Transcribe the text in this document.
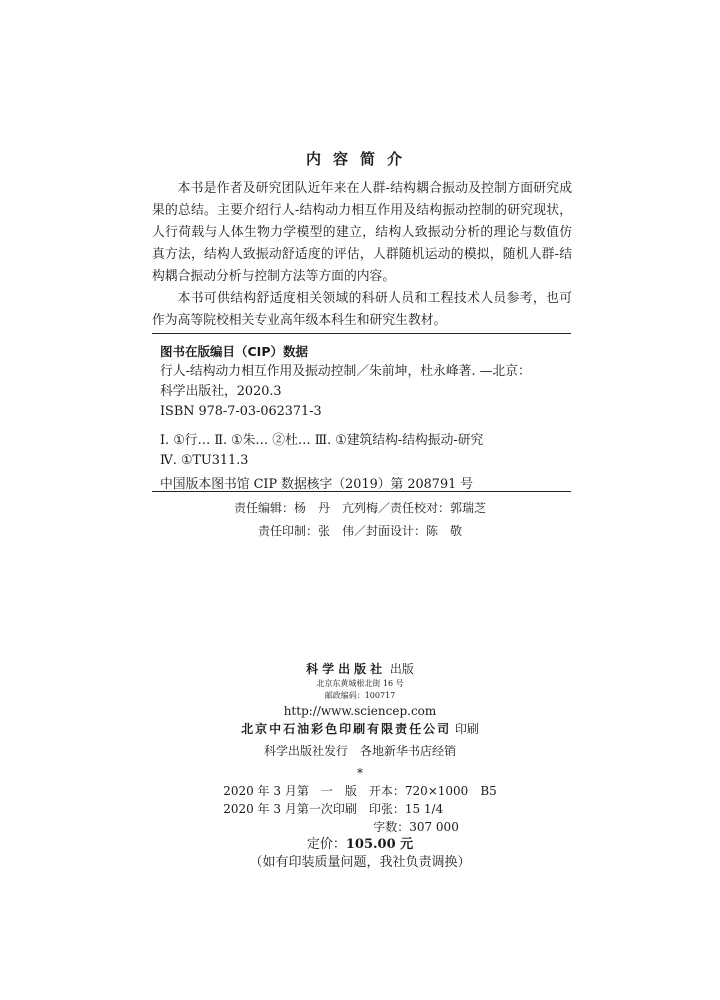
内容简介

本书是作者及研究团队近年来在人群-结构耦合振动及控制方面研究成果的总结。主要介绍行人-结构动力相互作用及结构振动控制的研究现状，人行荷载与人体生物力学模型的建立，结构人致振动分析的理论与数值仿真方法，结构人致振动舒适度的评估，人群随机运动的模拟，随机人群-结构耦合振动分析与控制方法等方面的内容。

本书可供结构舒适度相关领域的科研人员和工程技术人员参考，也可作为高等院校相关专业高年级本科生和研究生教材。

图书在版编目（CIP）数据
行人-结构动力相互作用及振动控制／朱前坤，杜永峰著. —北京：
科学出版社，2020.3
ISBN 978-7-03-062371-3
Ⅰ. ①行… Ⅱ. ①朱… ②杜… Ⅲ. ①建筑结构-结构振动-研究
Ⅳ. ①TU311.3
中国版本图书馆 CIP 数据核字（2019）第 208791 号
责任编辑：杨　丹　亢列梅／责任校对：郭瑞芝
责任印制：张　伟／封面设计：陈　敬
科学出版社 出版
北京东黄城根北街 16 号
邮政编码：100717
http://www.sciencep.com
北京中石油彩色印刷有限责任公司 印刷
科学出版社发行　各地新华书店经销
*
2020 年 3 月第　一　版　开本：720×1000　B5
2020 年 3 月第一次印刷　印张：15 1/4
字数：307 000
定价：105.00 元
（如有印装质量问题，我社负责调换）
